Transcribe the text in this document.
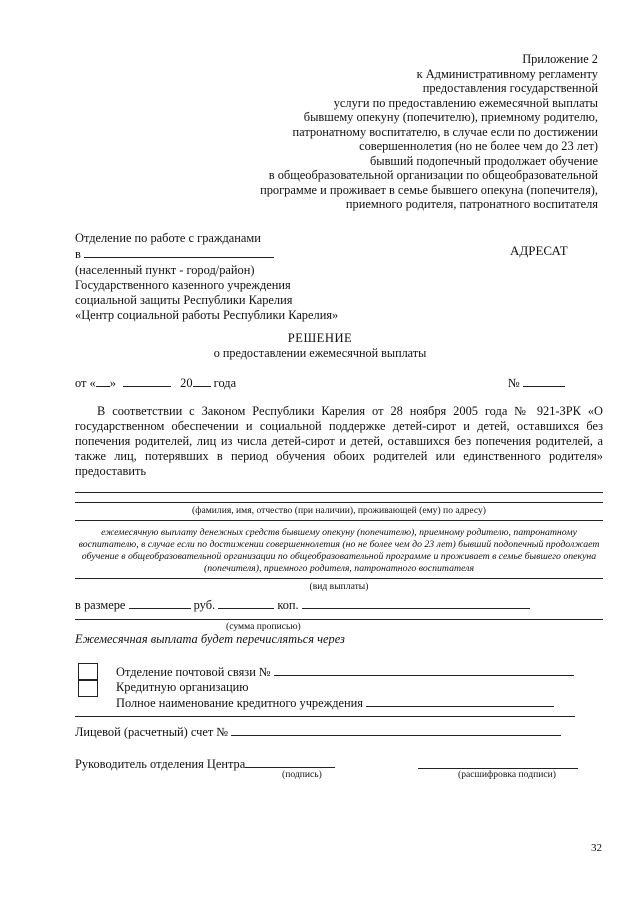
Приложение 2
к Административному регламенту
предоставления государственной
услуги по предоставлению ежемесячной выплаты
бывшему опекуну (попечителю), приемному родителю,
патронатному воспитателю, в случае если по достижении
совершеннолетия (но не более чем до 23 лет)
бывший подопечный продолжает обучение
в общеобразовательной организации по общеобразовательной
программе и проживает в семье бывшего опекуна (попечителя),
приемного родителя, патронатного воспитателя
Отделение по работе с гражданами
в
(населенный пункт - город/район)
Государственного казенного учреждения
социальной защиты Республики Карелия
«Центр социальной работы Республики Карелия»
АДРЕСАТ
РЕШЕНИЕ
о предоставлении ежемесячной выплаты
от « »	20 года	№
В соответствии с Законом Республики Карелия от 28 ноября 2005 года № 921-ЗРК «О государственном обеспечении и социальной поддержке детей-сирот и детей, оставшихся без попечения родителей, лиц из числа детей-сирот и детей, оставшихся без попечения родителей, а также лиц, потерявших в период обучения обоих родителей или единственного родителя» предоставить
(фамилия, имя, отчество (при наличии), проживающей (ему) по адресу)
ежемесячную выплату денежных средств бывшему опекуну (попечителю), приемному родителю, патронатному воспитателю, в случае если по достижении совершеннолетия (но не более чем до 23 лет) бывший подопечный продолжает обучение в общеобразовательной организации по общеобразовательной программе и проживает в семье бывшего опекуна (попечителя), приемного родителя, патронатного воспитателя
(вид выплаты)
в размере	руб.	коп.
(сумма прописью)
Ежемесячная выплата будет перечисляться через
Отделение почтовой связи №
Кредитную организацию
Полное наименование кредитного учреждения
Лицевой (расчетный) счет №
Руководитель отделения Центра
(подпись)	(расшифровка подписи)
32
